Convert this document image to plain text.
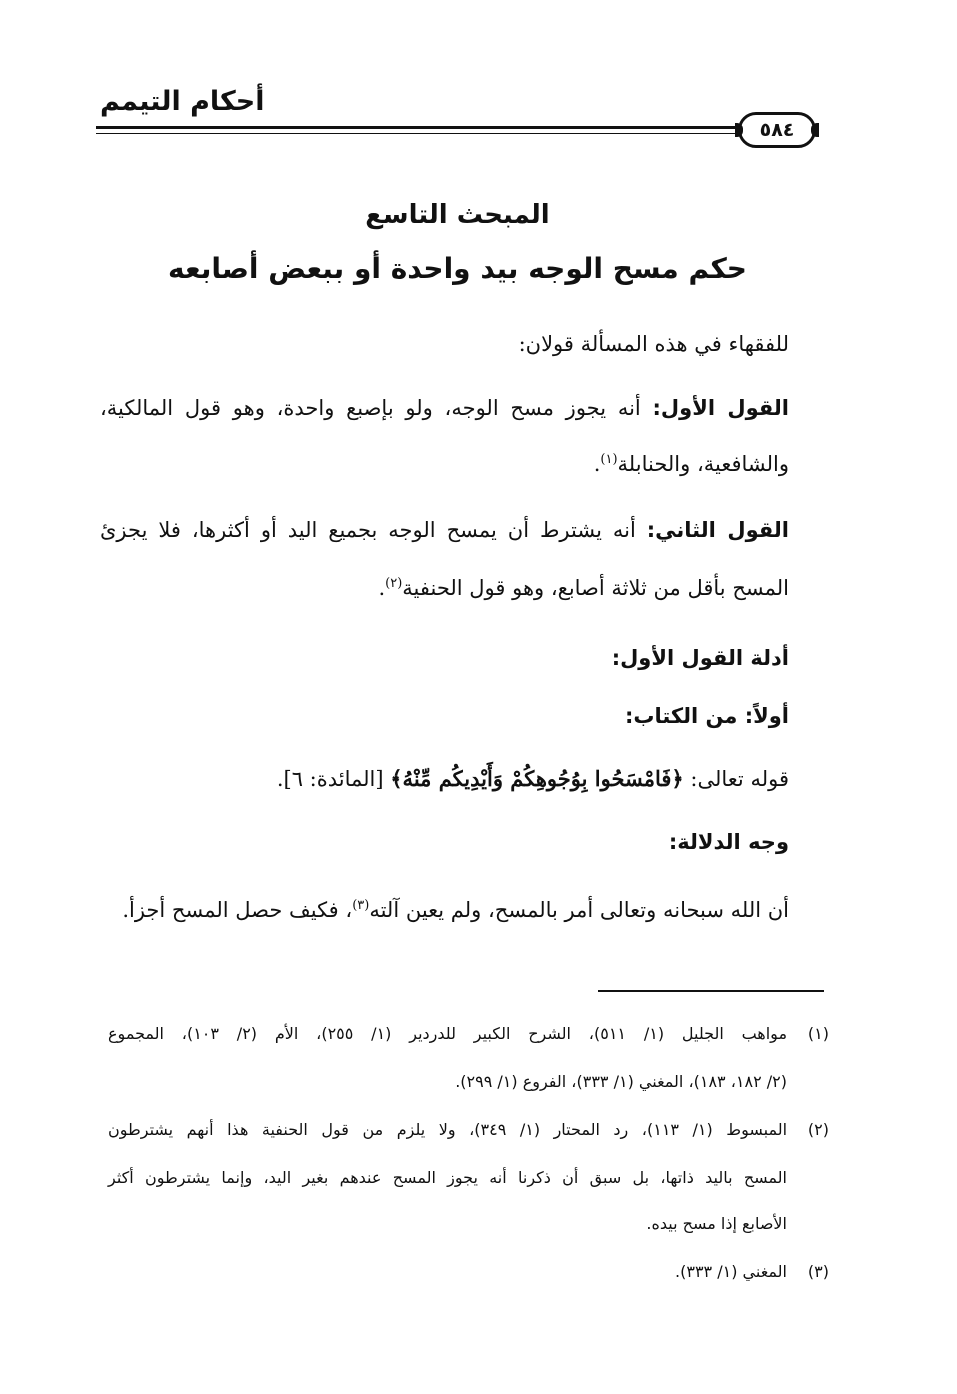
أحكام التيمم
٥٨٤
المبحث التاسع
حكم مسح الوجه بيد واحدة أو ببعض أصابعه
للفقهاء في هذه المسألة قولان:
القول الأول: أنه يجوز مسح الوجه، ولو بإصبع واحدة، وهو قول المالكية،
والشافعية، والحنابلة$^{(١)}$.
القول الثاني: أنه يشترط أن يمسح الوجه بجميع اليد أو أكثرها، فلا يجزئ
المسح بأقل من ثلاثة أصابع، وهو قول الحنفية$^{(٢)}$.
أدلة القول الأول:
أولاً: من الكتاب:
قوله تعالى: ﴿فَامْسَحُوا بِوُجُوهِكُمْ وَأَيْدِيكُم مِّنْهُ﴾ [المائدة: ٦].
وجه الدلالة:
أن الله سبحانه وتعالى أمر بالمسح، ولم يعين آلته$^{(٣)}$، فكيف حصل المسح أجزأ.
(١)
مواهب الجليل (١/ ٥١١)، الشرح الكبير للدردير (١/ ٢٥٥)، الأم (٢/ ١٠٣)، المجموع
(٢/ ١٨٢، ١٨٣)، المغني (١/ ٣٣٣)، الفروع (١/ ٢٩٩).
(٢)
المبسوط (١/ ١١٣)، رد المحتار (١/ ٣٤٩)، ولا يلزم من قول الحنفية هذا أنهم يشترطون
المسح باليد ذاتها، بل سبق أن ذكرنا أنه يجوز المسح عندهم بغير اليد، وإنما يشترطون أكثر
الأصابع إذا مسح بيده.
(٣)
المغني (١/ ٣٣٣).
